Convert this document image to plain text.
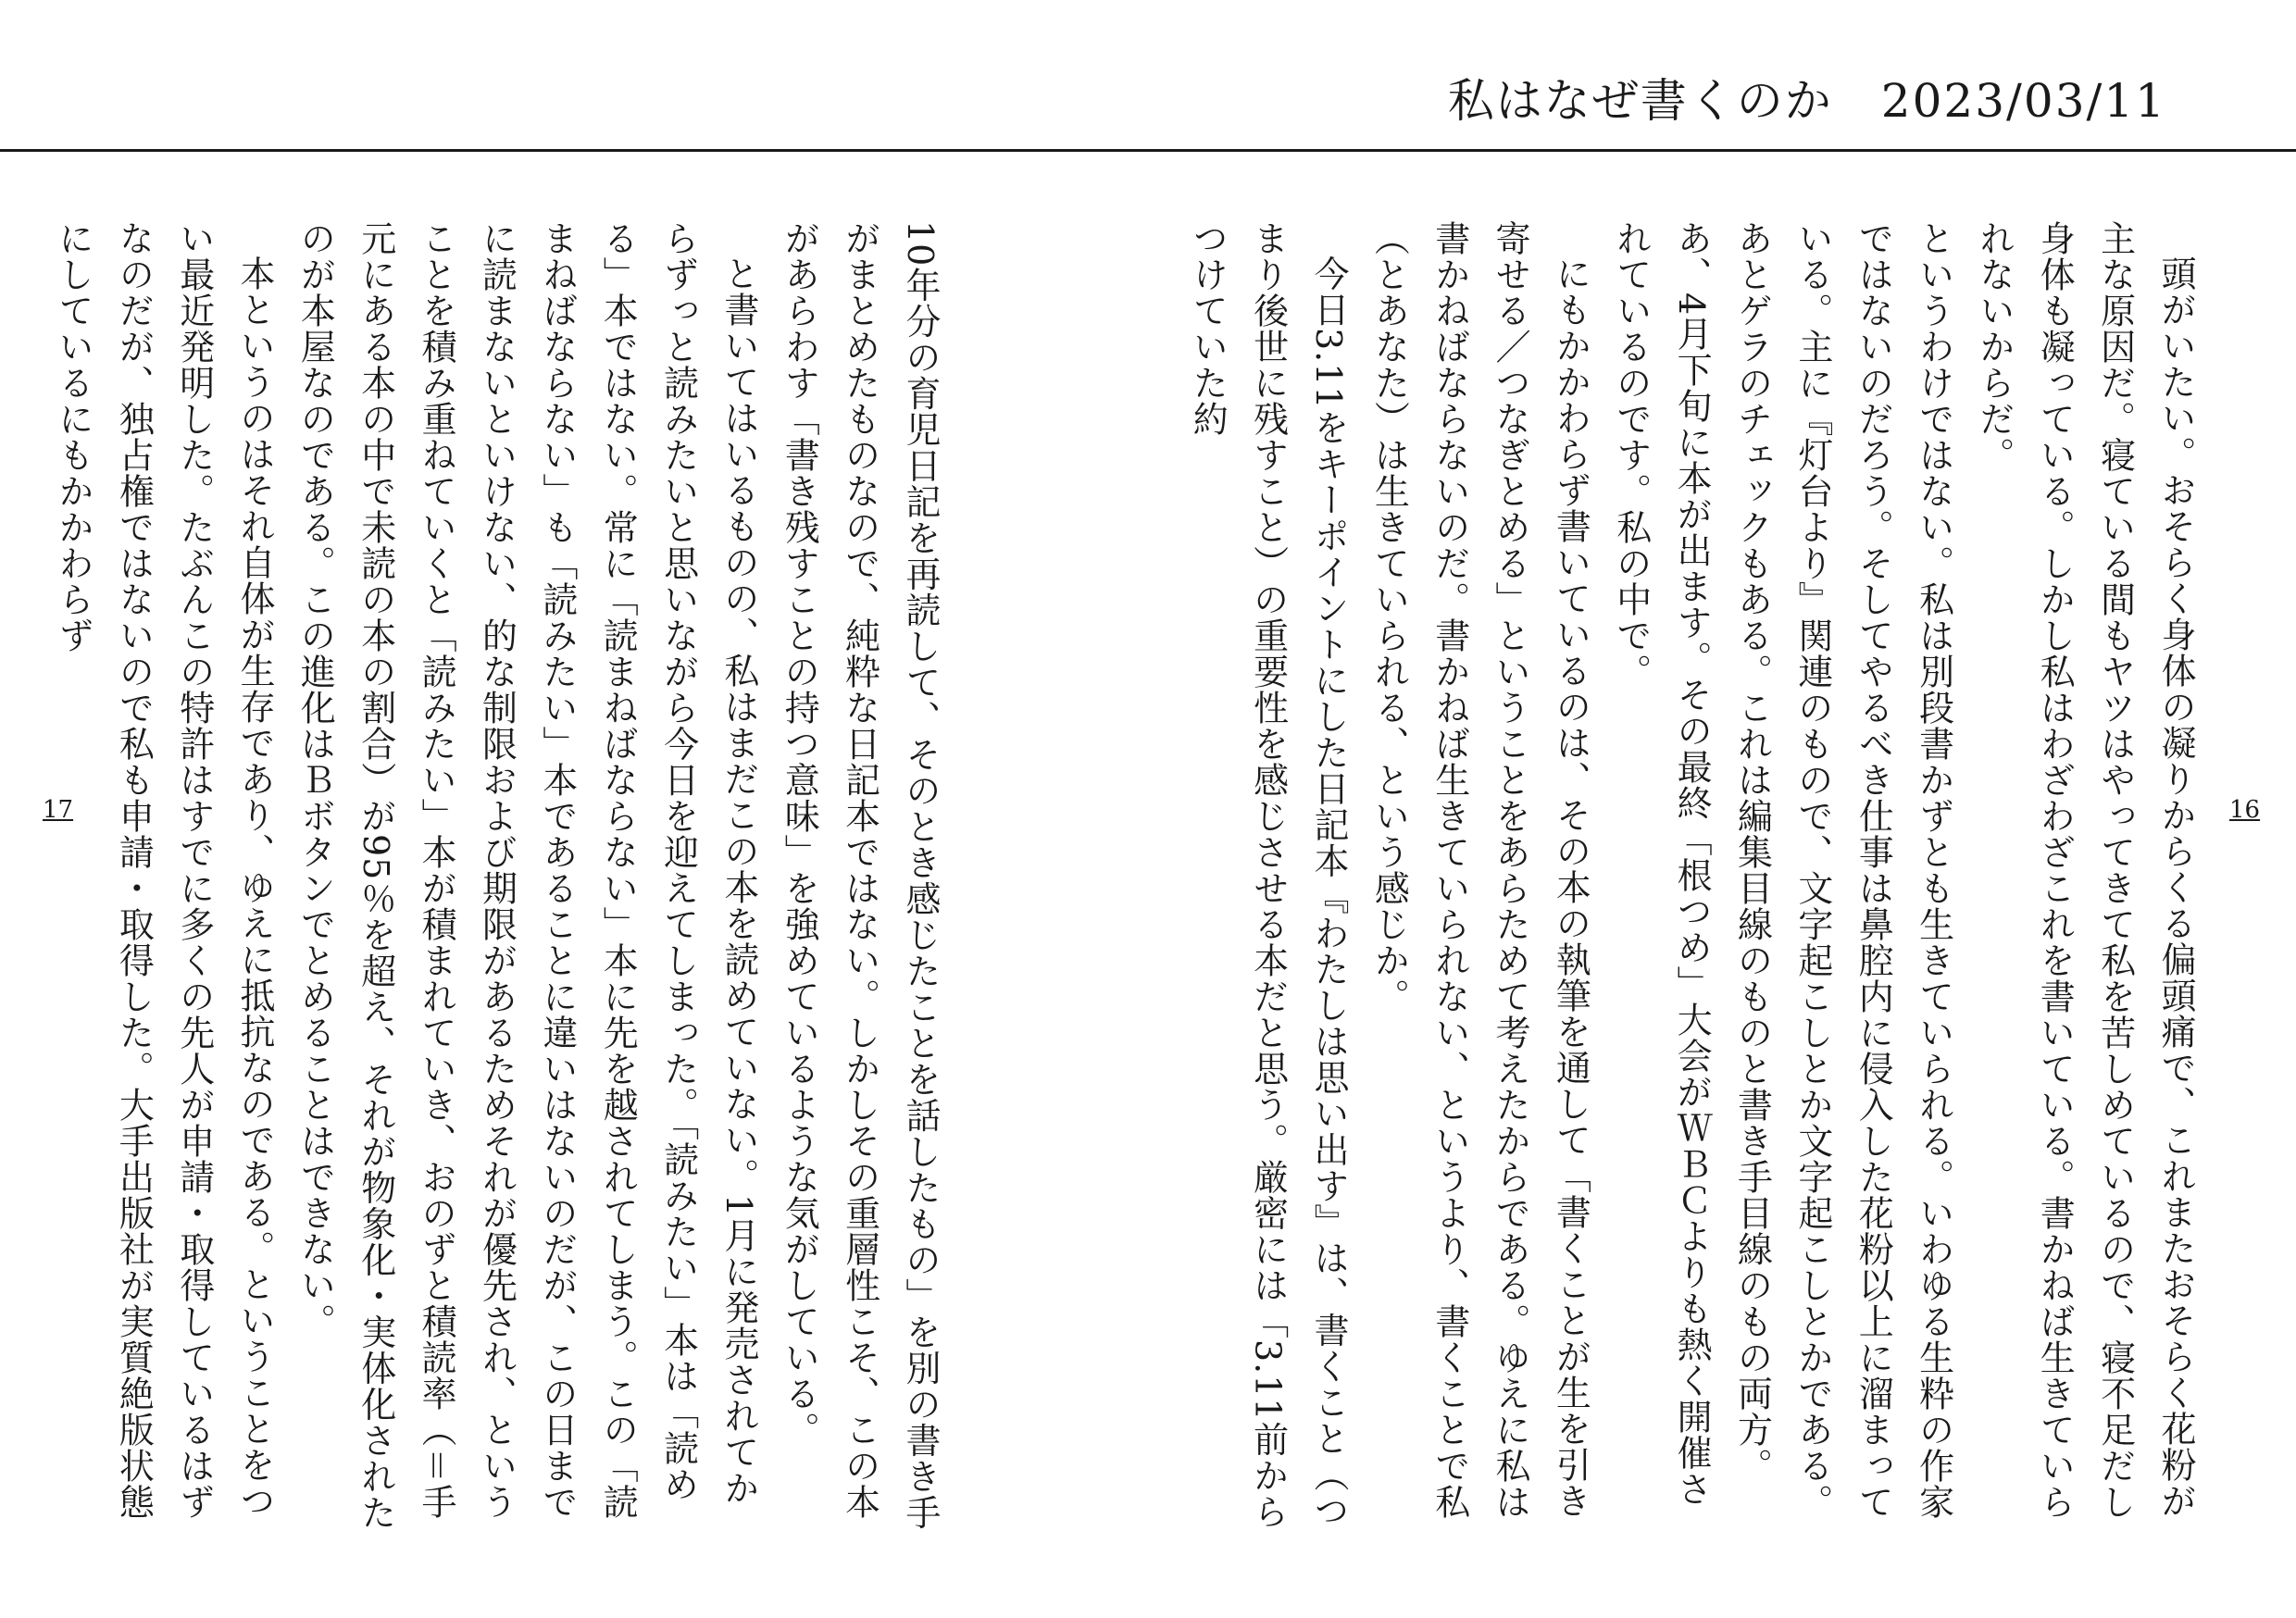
私はなぜ書くのか　2023/03/11
17	16

頭がいたい。おそらく身体の凝りからくる偏頭痛で、これまたおそらく花粉が主な原因だ。寝ている間もヤツはやってきて私を苦しめているので、寝不足だし身体も凝っている。しかし私はわざわざこれを書いている。書かねば生きていられないからだ。

というわけではない。私は別段書かずとも生きていられる。いわゆる生粋の作家ではないのだろう。そしてやるべき仕事は鼻腔内に侵入した花粉以上に溜まっている。主に『灯台より』関連のもので、文字起こしとか文字起こしとかである。あとゲラのチェックもある。これは編集目線のものと書き手目線のもの両方。あ、4月下旬に本が出ます。その最終「根つめ」大会がＷＢＣよりも熱く開催されているのです。私の中で。

にもかかわらず書いているのは、その本の執筆を通して「書くことが生を引き寄せる／つなぎとめる」ということをあらためて考えたからである。ゆえに私は書かねばならないのだ。書かねば生きていられない、というより、書くことで私（とあなた）は生きていられる、という感じか。

今日3.11をキーポイントにした日記本『わたしは思い出す』は、書くこと（つまり後世に残すこと）の重要性を感じさせる本だと思う。厳密には「3.11前からつけていた約

10年分の育児日記を再読して、そのとき感じたことを話したもの」を別の書き手がまとめたものなので、純粋な日記本ではない。しかしその重層性こそ、この本があらわす「書き残すことの持つ意味」を強めているような気がしている。

と書いてはいるものの、私はまだこの本を読めていない。1月に発売されてからずっと読みたいと思いながら今日を迎えてしまった。「読みたい」本は「読める」本ではない。常に「読まねばならない」本に先を越されてしまう。この「読まねばならない」も「読みたい」本であることに違いはないのだが、この日までに読まないといけない、的な制限および期限があるためそれが優先され、ということを積み重ねていくと「読みたい」本が積まれていき、おのずと積読率（＝手元にある本の中で未読の本の割合）が95％を超え、それが物象化・実体化されたのが本屋なのである。この進化はＢボタンでとめることはできない。

本というのはそれ自体が生存であり、ゆえに抵抗なのである。ということをつい最近発明した。たぶんこの特許はすでに多くの先人が申請・取得しているはずなのだが、独占権ではないので私も申請・取得した。大手出版社が実質絶版状態にしているにもかかわらず
